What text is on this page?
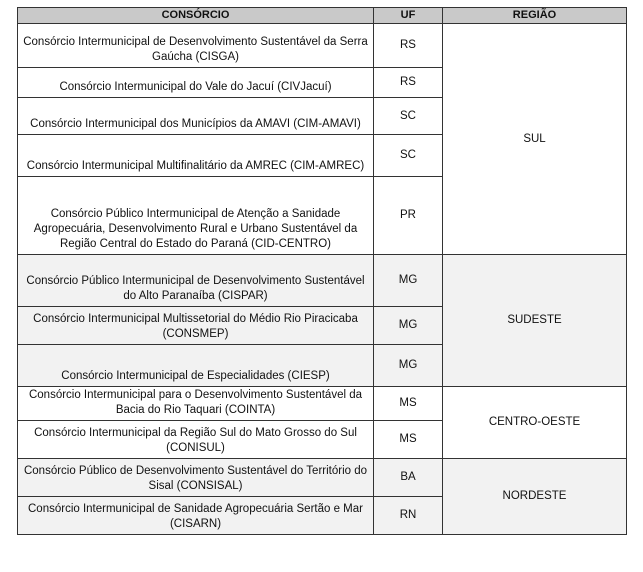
CONSÓRCIO	UF	REGIÃO
Consórcio Intermunicipal de Desenvolvimento Sustentável da Serra Gaúcha (CISGA)	RS	SUL
Consórcio Intermunicipal do Vale do Jacuí (CIVJacuí)	RS	
Consórcio Intermunicipal dos Municípios da AMAVI (CIM-AMAVI)	SC	
Consórcio Intermunicipal Multifinalitário da AMREC (CIM-AMREC)	SC	
Consórcio Público Intermunicipal de Atenção a Sanidade Agropecuária, Desenvolvimento Rural e Urbano Sustentável da Região Central do Estado do Paraná (CID-CENTRO)	PR	
Consórcio Público Intermunicipal de Desenvolvimento Sustentável do Alto Paranaíba (CISPAR)	MG	SUDESTE
Consórcio Intermunicipal Multissetorial do Médio Rio Piracicaba (CONSMEP)	MG	
Consórcio Intermunicipal de Especialidades (CIESP)	MG	
Consórcio Intermunicipal para o Desenvolvimento Sustentável da Bacia do Rio Taquari (COINTA)	MS	CENTRO-OESTE
Consórcio Intermunicipal da Região Sul do Mato Grosso do Sul (CONISUL)	MS	
Consórcio Público de Desenvolvimento Sustentável do Território do Sisal (CONSISAL)	BA	NORDESTE
Consórcio Intermunicipal de Sanidade Agropecuária Sertão e Mar (CISARN)	RN	
